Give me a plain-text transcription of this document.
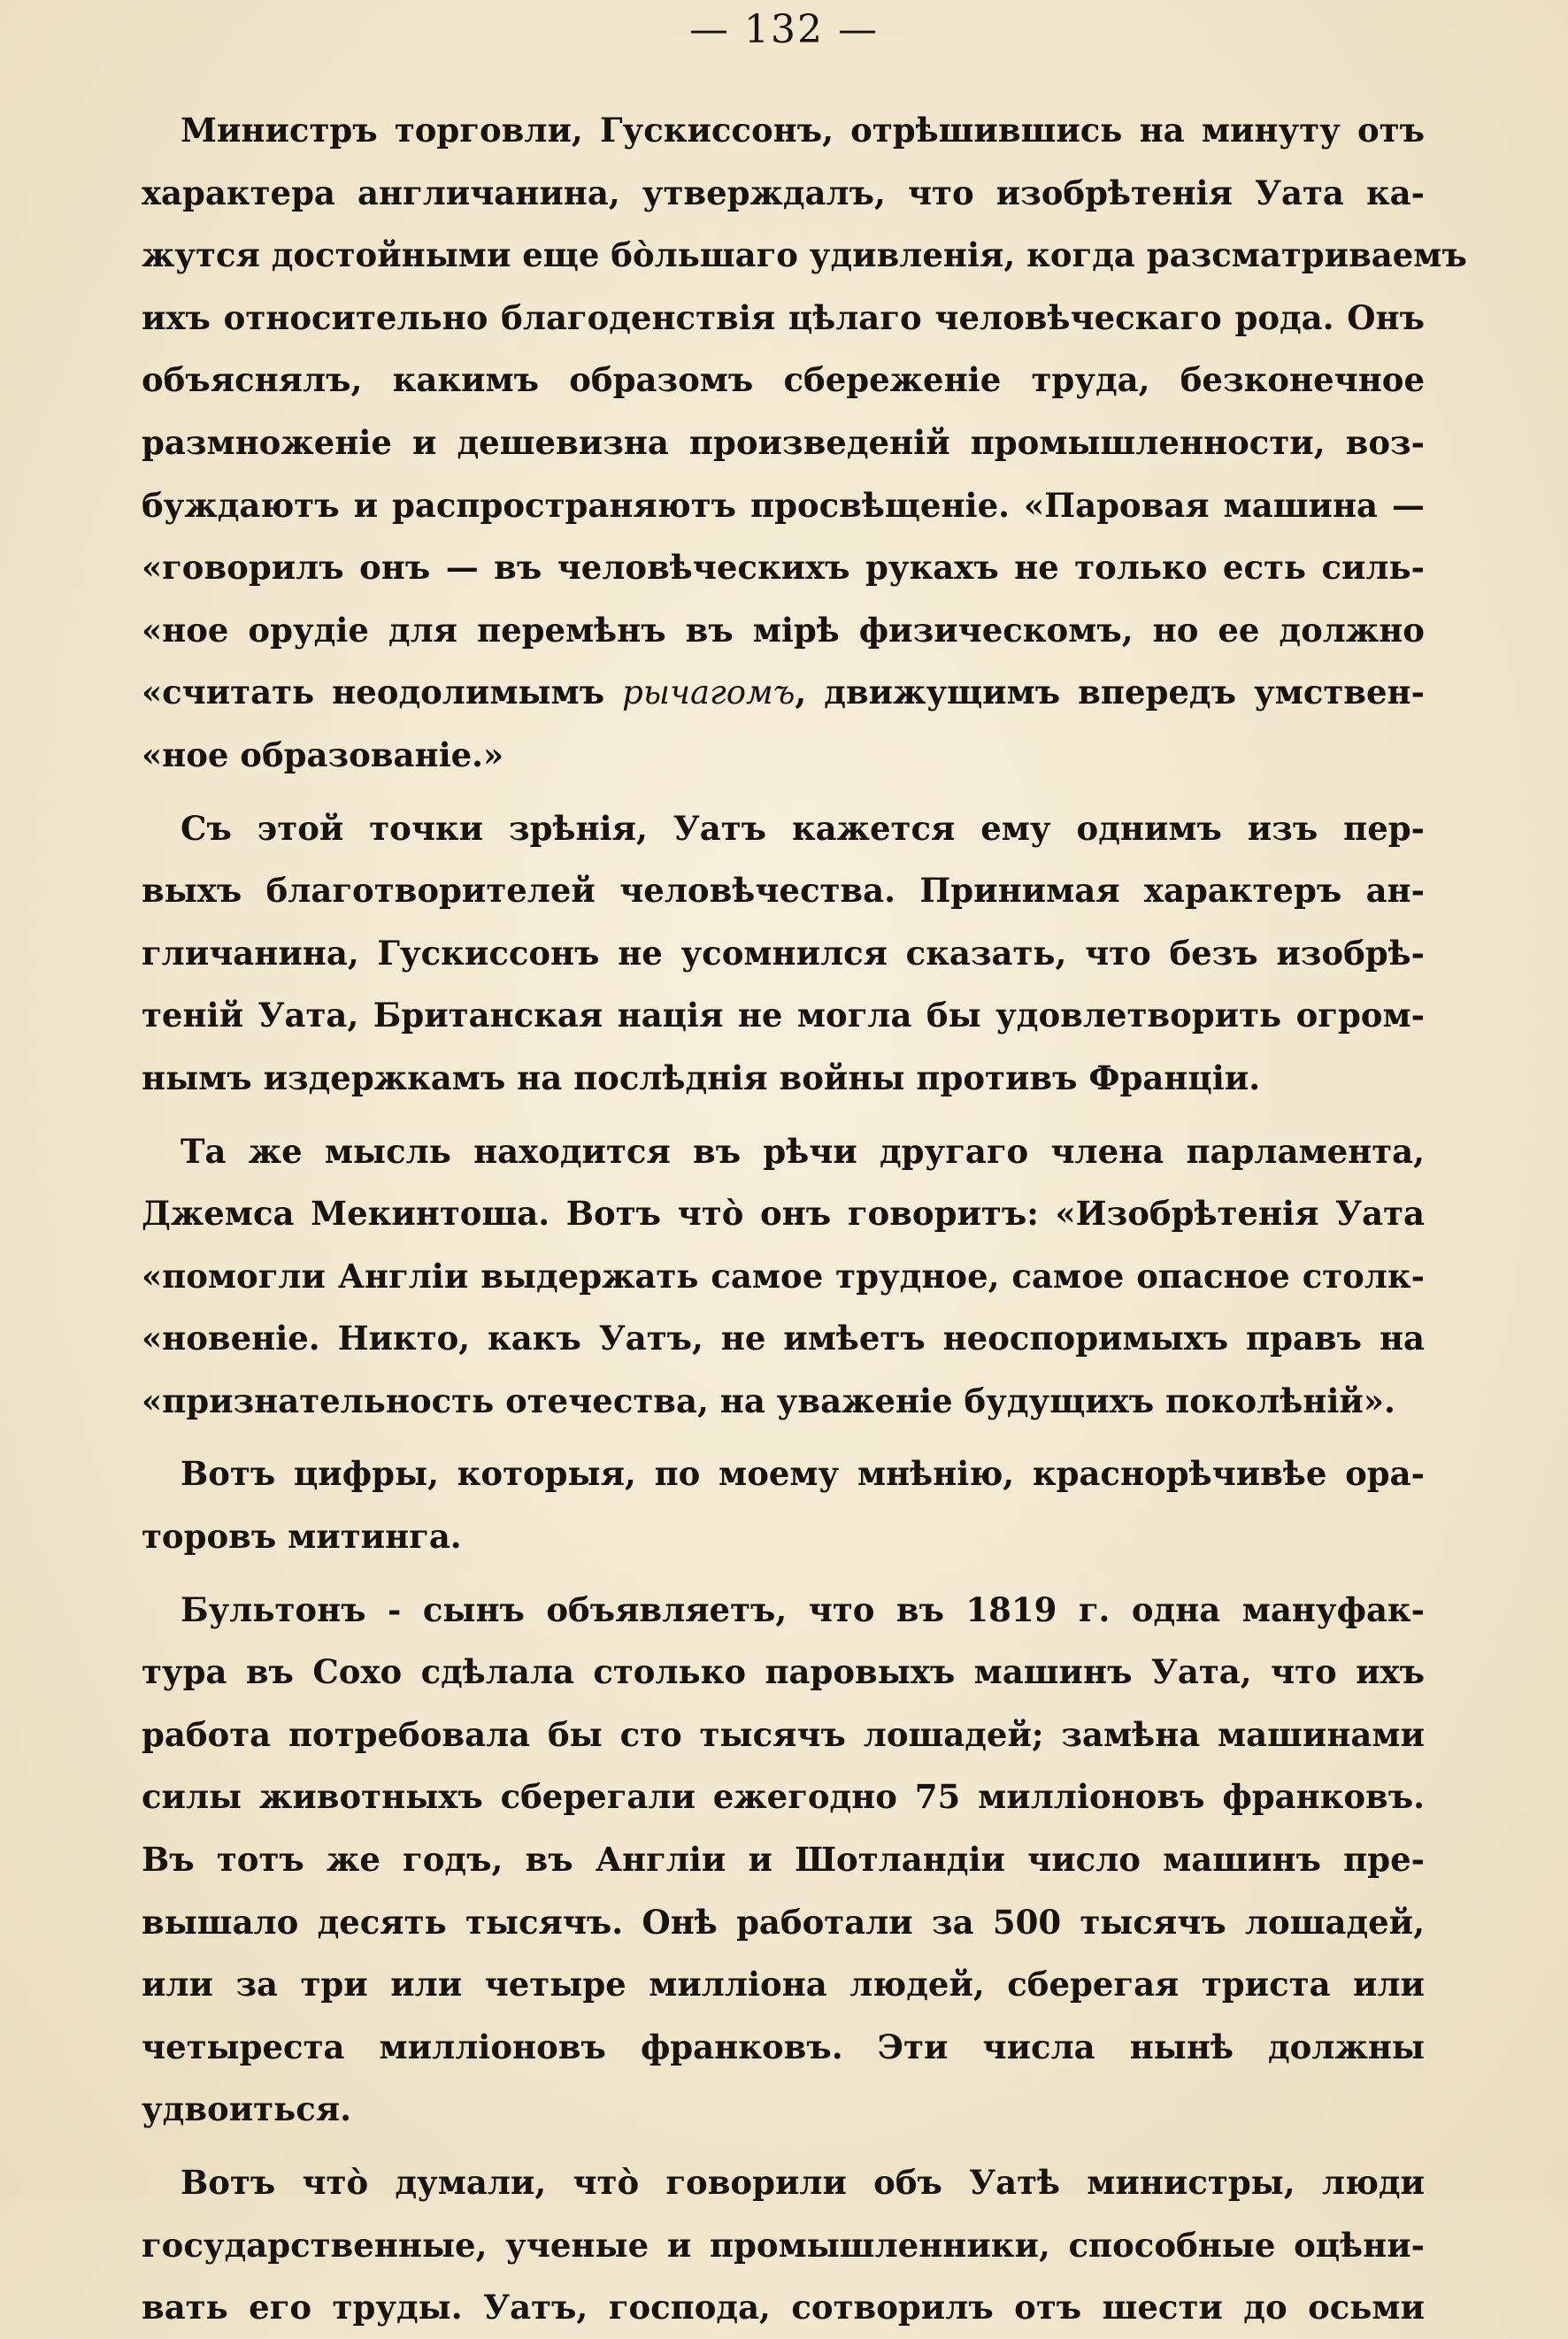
— 132 —
Министръ торговли, Гускиссонъ, отрѣшившись на минуту отъ
характера англичанина, утверждалъ, что изобрѣтенія Уата ка-
жутся достойными еще бо̀льшаго удивленія, когда разсматриваемъ
ихъ относительно благоденствія цѣлаго человѣческаго рода. Онъ
объяснялъ, какимъ образомъ сбереженіе труда, безконечное
размноженіе и дешевизна произведеній промышленности, воз-
буждаютъ и распространяютъ просвѣщеніе. «Паровая машина —
«говорилъ онъ — въ человѣческихъ рукахъ не только есть силь-
«ное орудіе для перемѣнъ въ мірѣ физическомъ, но ее должно
«считать неодолимымъ рычагомъ, движущимъ впередъ умствен-
«ное образованіе.»
Съ этой точки зрѣнія, Уатъ кажется ему однимъ изъ пер-
выхъ благотворителей человѣчества. Принимая характеръ ан-
гличанина, Гускиссонъ не усомнился сказать, что безъ изобрѣ-
теній Уата, Британская нація не могла бы удовлетворить огром-
нымъ издержкамъ на послѣднія войны противъ Франціи.
Та же мысль находится въ рѣчи другаго члена парламента,
Джемса Мекинтоша. Вотъ что̀ онъ говоритъ: «Изобрѣтенія Уата
«помогли Англіи выдержать самое трудное, самое опасное столк-
«новеніе. Никто, какъ Уатъ, не имѣетъ неоспоримыхъ правъ на
«признательность отечества, на уваженіе будущихъ поколѣній».
Вотъ цифры, которыя, по моему мнѣнію, краснорѣчивѣе ора-
торовъ митинга.
Бультонъ - сынъ объявляетъ, что въ 1819 г. одна мануфак-
тура въ Сохо сдѣлала столько паровыхъ машинъ Уата, что ихъ
работа потребовала бы сто тысячъ лошадей; замѣна машинами
силы животныхъ сберегали ежегодно 75 милліоновъ франковъ.
Въ тотъ же годъ, въ Англіи и Шотландіи число машинъ пре-
вышало десять тысячъ. Онѣ работали за 500 тысячъ лошадей,
или за три или четыре милліона людей, сберегая триста или
четыреста милліоновъ франковъ. Эти числа нынѣ должны
удвоиться.
Вотъ что̀ думали, что̀ говорили объ Уатѣ министры, люди
государственные, ученые и промышленники, способные оцѣни-
вать его труды. Уатъ, господа, сотворилъ отъ шести до осьми
